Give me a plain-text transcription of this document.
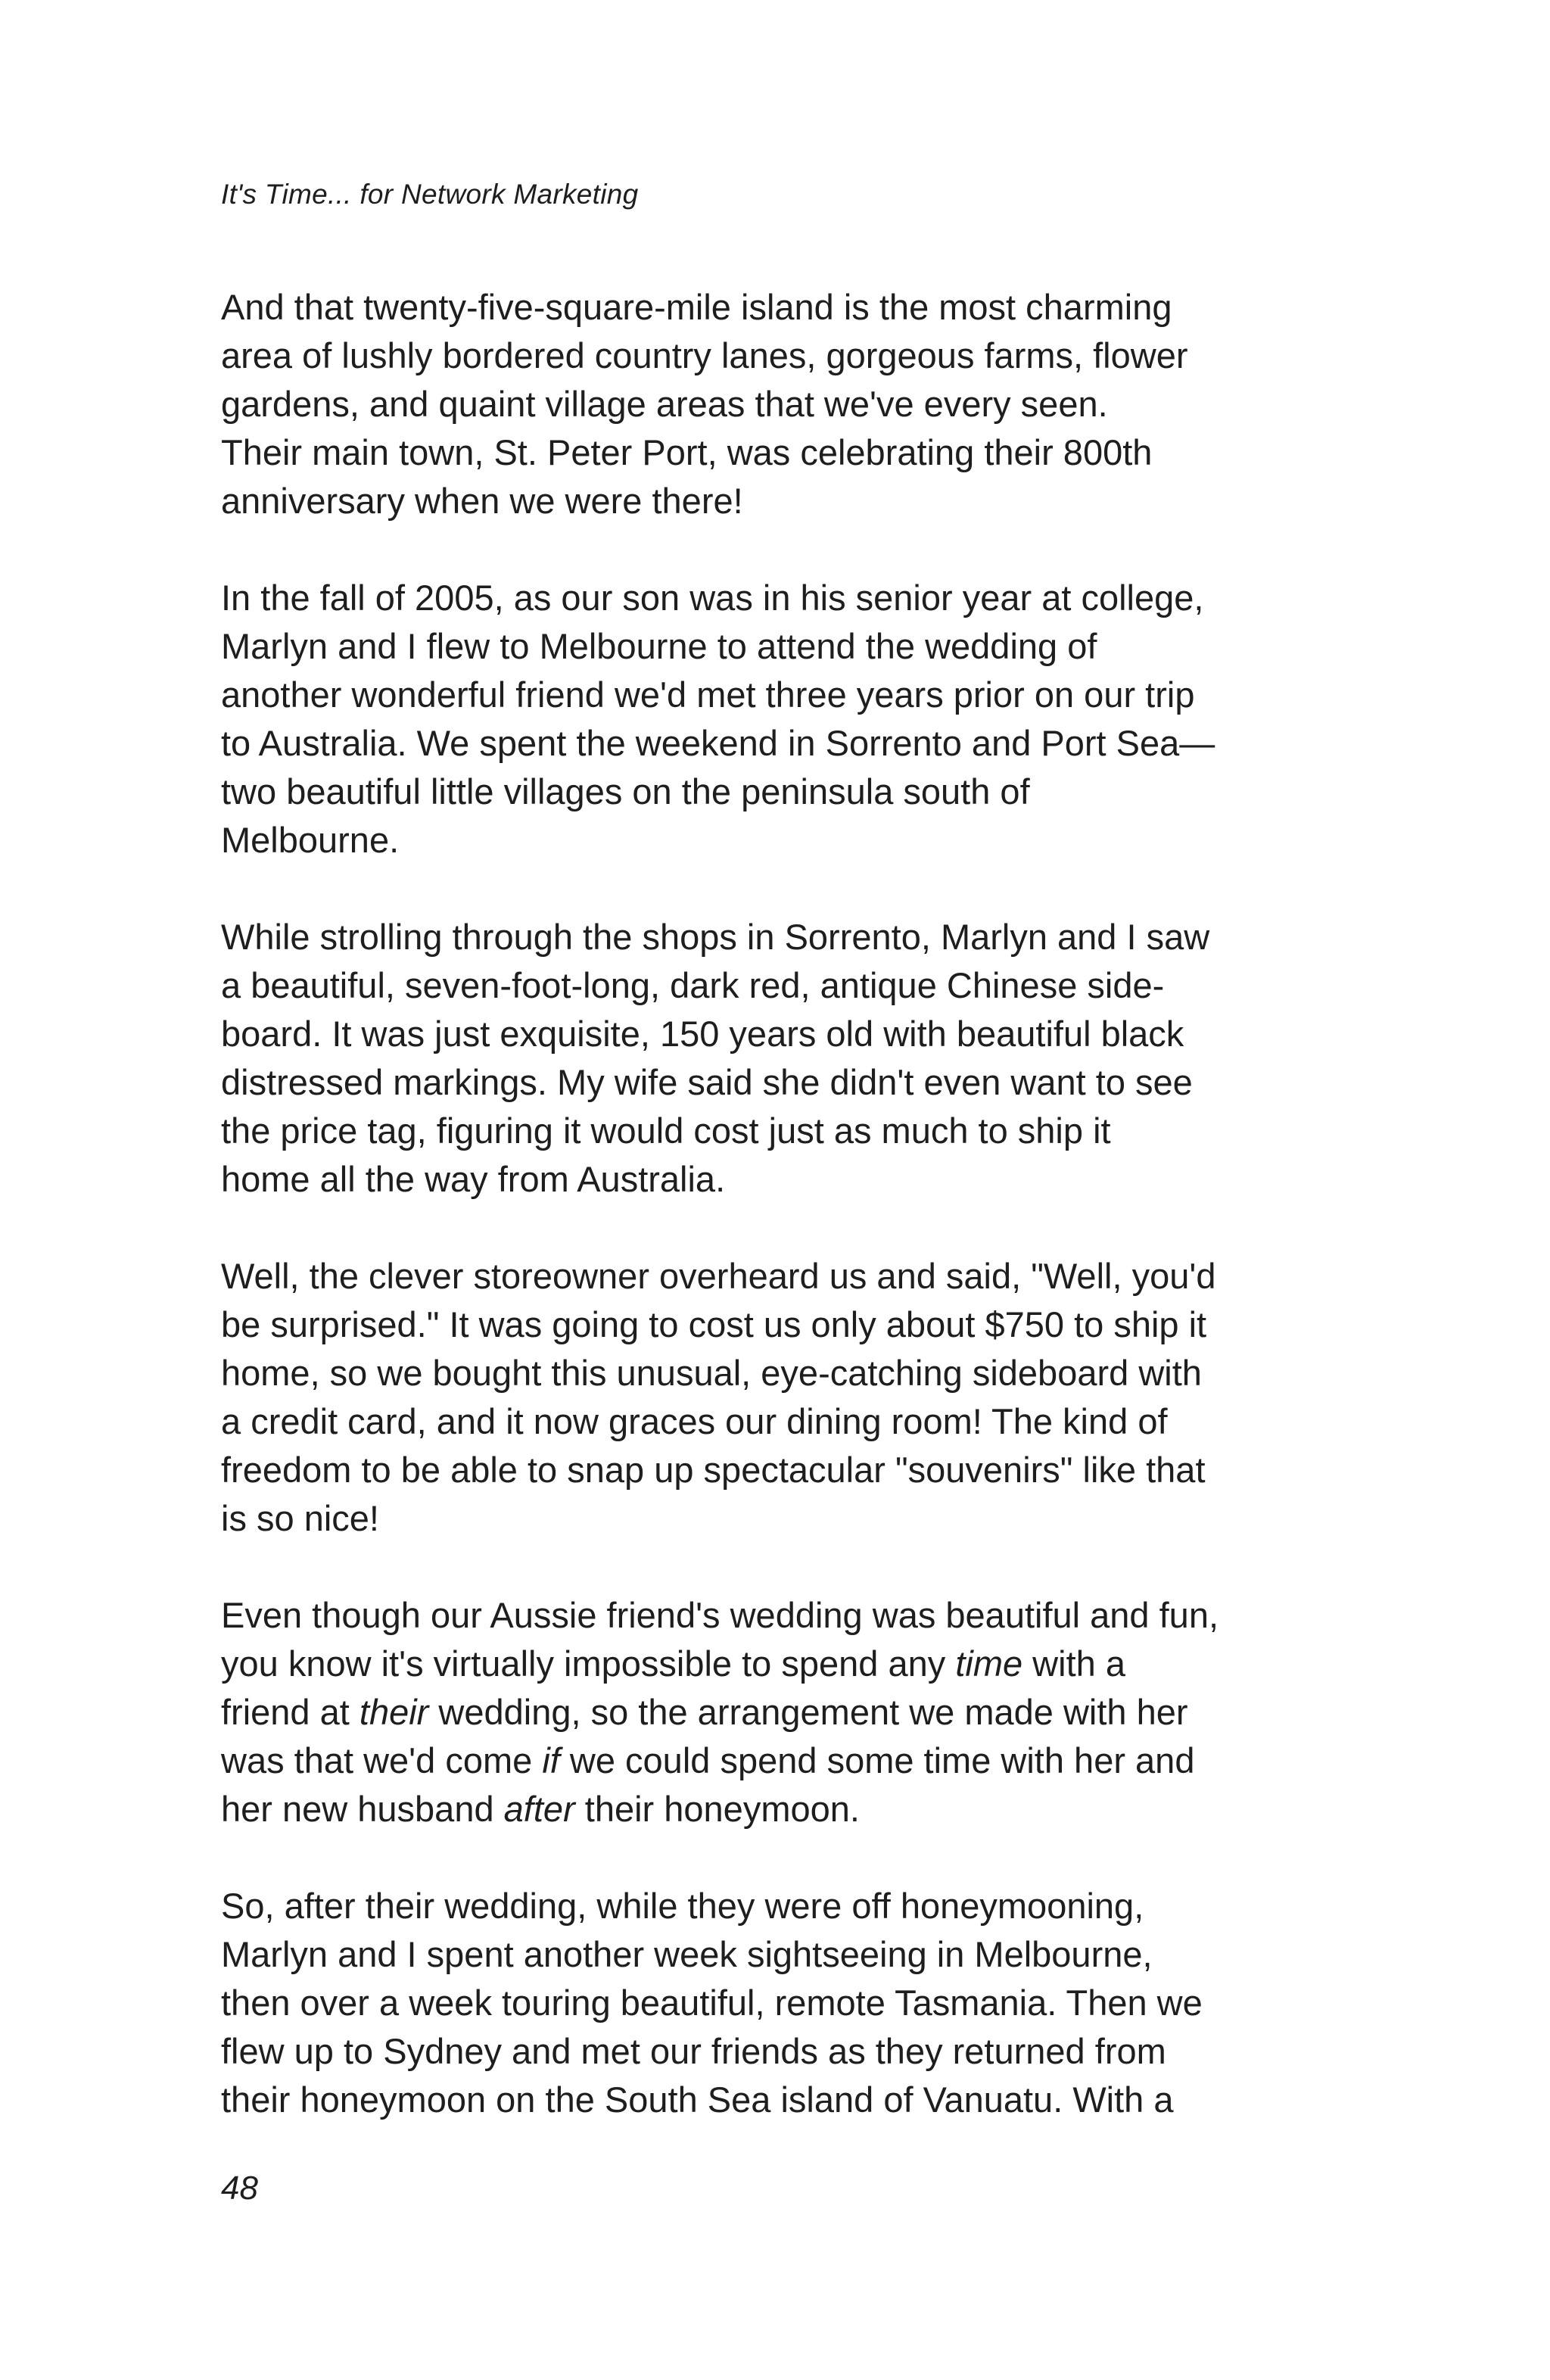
It's Time... for Network Marketing
And that twenty-five-square-mile island is the most charming
area of lushly bordered country lanes, gorgeous farms, flower
gardens, and quaint village areas that we've every seen.
Their main town, St. Peter Port, was celebrating their 800th
anniversary when we were there!
In the fall of 2005, as our son was in his senior year at college,
Marlyn and I flew to Melbourne to attend the wedding of
another wonderful friend we'd met three years prior on our trip
to Australia. We spent the weekend in Sorrento and Port Sea—
two beautiful little villages on the peninsula south of
Melbourne.
While strolling through the shops in Sorrento, Marlyn and I saw
a beautiful, seven-foot-long, dark red, antique Chinese side-
board. It was just exquisite, 150 years old with beautiful black
distressed markings. My wife said she didn't even want to see
the price tag, figuring it would cost just as much to ship it
home all the way from Australia.
Well, the clever storeowner overheard us and said, "Well, you'd
be surprised." It was going to cost us only about $750 to ship it
home, so we bought this unusual, eye-catching sideboard with
a credit card, and it now graces our dining room! The kind of
freedom to be able to snap up spectacular "souvenirs" like that
is so nice!
Even though our Aussie friend's wedding was beautiful and fun,
you know it's virtually impossible to spend any time with a
friend at their wedding, so the arrangement we made with her
was that we'd come if we could spend some time with her and
her new husband after their honeymoon.
So, after their wedding, while they were off honeymooning,
Marlyn and I spent another week sightseeing in Melbourne,
then over a week touring beautiful, remote Tasmania. Then we
flew up to Sydney and met our friends as they returned from
their honeymoon on the South Sea island of Vanuatu. With a
48
